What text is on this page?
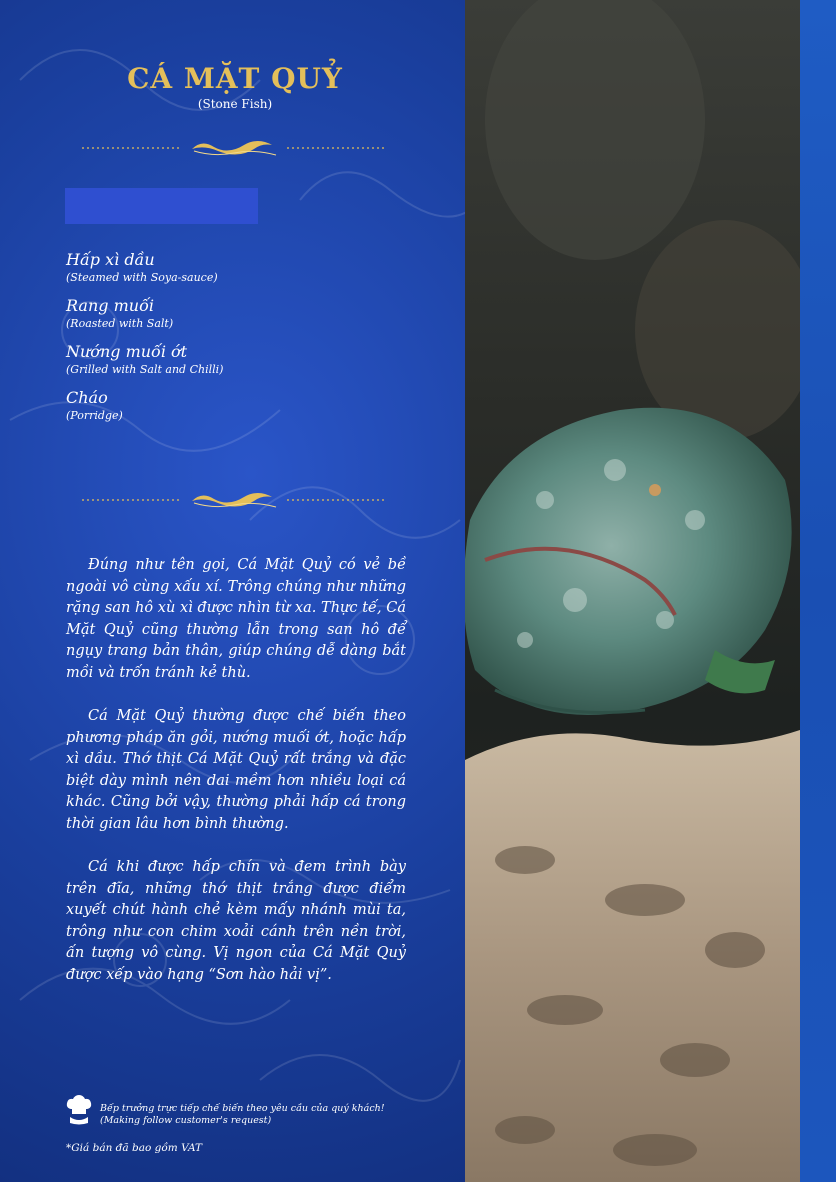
CÁ MẶT QUỶ
(Stone Fish)
Hấp xì dầu
(Steamed with Soya-sauce)
Rang muối
(Roasted with Salt)
Nướng muối ớt
(Grilled with Salt and Chilli)
Cháo
(Porridge)

Đúng như tên gọi, Cá Mặt Quỷ có vẻ bề ngoài vô cùng xấu xí. Trông chúng như những rặng san hô xù xì được nhìn từ xa. Thực tế, Cá Mặt Quỷ cũng thường lẫn trong san hô để ngụy trang bản thân, giúp chúng dễ dàng bắt mồi và trốn tránh kẻ thù.

Cá Mặt Quỷ thường được chế biến theo phương pháp ăn gỏi, nướng muối ớt, hoặc hấp xì dầu. Thớ thịt Cá Mặt Quỷ rất trắng và đặc biệt dày mình nên dai mềm hơn nhiều loại cá khác. Cũng bởi vậy, thường phải hấp cá trong thời gian lâu hơn bình thường.

Cá khi được hấp chín và đem trình bày trên đĩa, những thớ thịt trắng được điểm xuyết chút hành chẻ kèm mấy nhánh mùi ta, trông như con chim xoải cánh trên nền trời, ấn tượng vô cùng. Vị ngon của Cá Mặt Quỷ được xếp vào hạng “Sơn hào hải vị”.

Bếp trưởng trực tiếp chế biến theo yêu cầu của quý khách!
(Making follow customer's request)
*Giá bán đã bao gồm VAT
